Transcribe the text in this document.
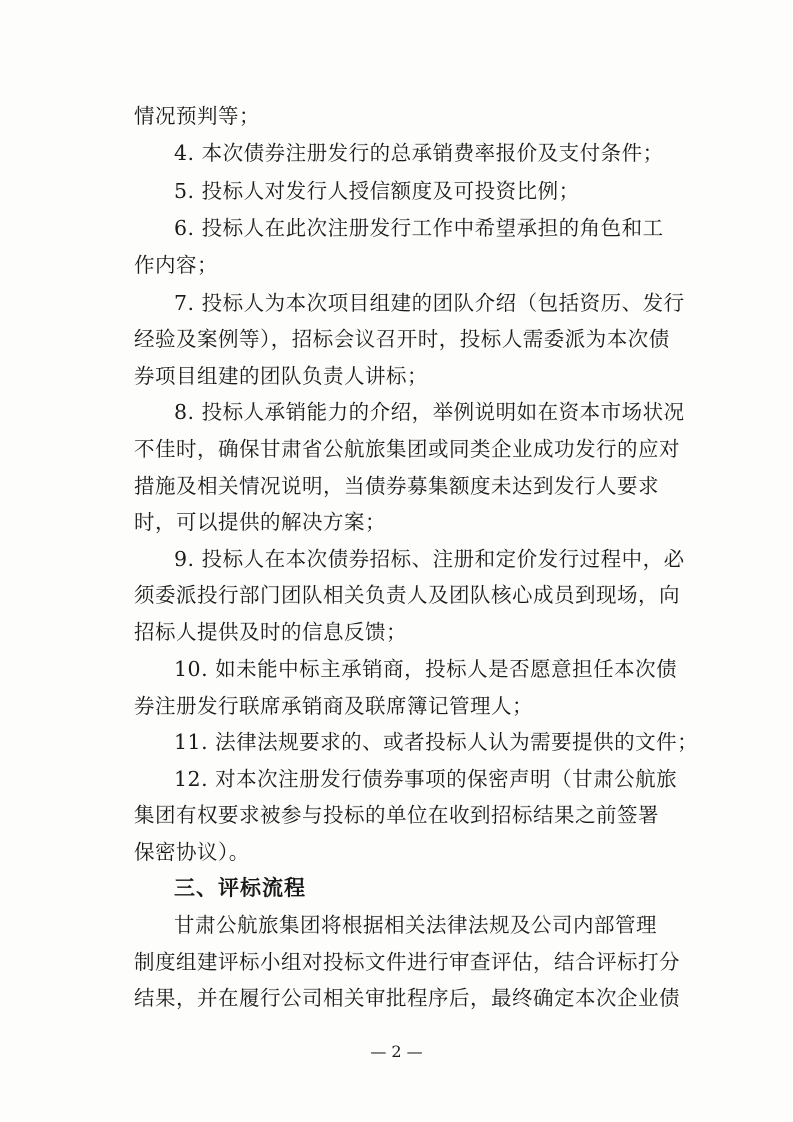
情况预判等；
4. 本次债券注册发行的总承销费率报价及支付条件；
5. 投标人对发行人授信额度及可投资比例；
6. 投标人在此次注册发行工作中希望承担的角色和工
作内容；
7. 投标人为本次项目组建的团队介绍（包括资历、发行
经验及案例等），招标会议召开时，投标人需委派为本次债
券项目组建的团队负责人讲标；
8. 投标人承销能力的介绍，举例说明如在资本市场状况
不佳时，确保甘肃省公航旅集团或同类企业成功发行的应对
措施及相关情况说明，当债券募集额度未达到发行人要求
时，可以提供的解决方案；
9. 投标人在本次债券招标、注册和定价发行过程中，必
须委派投行部门团队相关负责人及团队核心成员到现场，向
招标人提供及时的信息反馈；
10. 如未能中标主承销商，投标人是否愿意担任本次债
券注册发行联席承销商及联席簿记管理人；
11. 法律法规要求的、或者投标人认为需要提供的文件；
12. 对本次注册发行债券事项的保密声明（甘肃公航旅
集团有权要求被参与投标的单位在收到招标结果之前签署
保密协议）。
三、评标流程
甘肃公航旅集团将根据相关法律法规及公司内部管理
制度组建评标小组对投标文件进行审查评估，结合评标打分
结果，并在履行公司相关审批程序后，最终确定本次企业债
— 2 —
